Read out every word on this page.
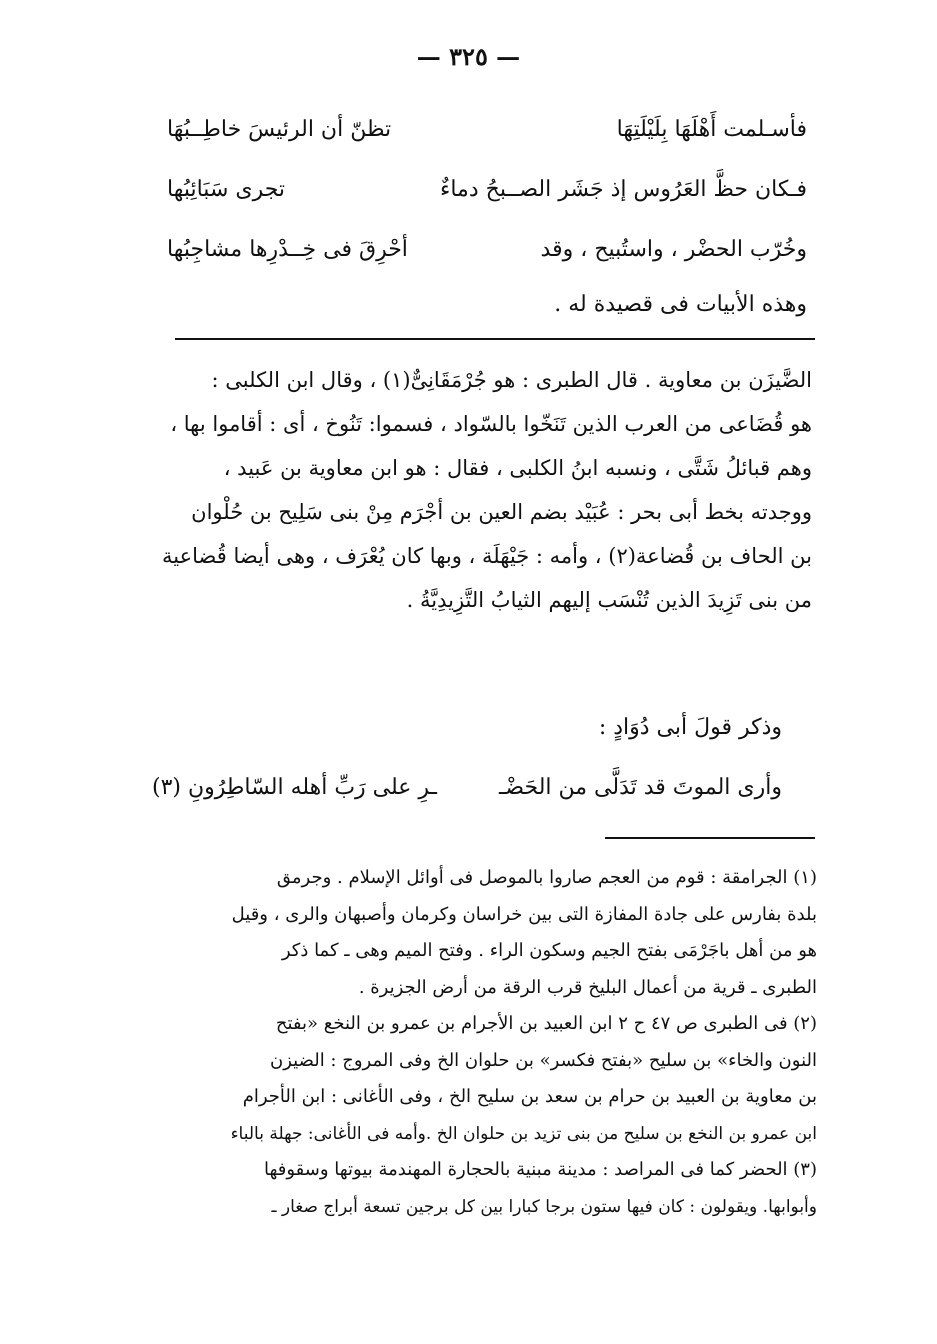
— ٣٢٥ —
فأسـلمت أَهْلَهَا بِلَيْلَتِهَا
تظنّ أن الرئيسَ خاطِــبُهَا
فـكان حظَّ العَرُوس إذ جَشَر الصــبحُ دماءٌ
تجرى سَبَائِبُها
وخُرّب الحضْر ، واستُبيح ، وقد
أحْرِقَ فى خِــدْرِها مشاجِبُها
وهذه الأبيات فى قصيدة له .
الضَّيزَن بن معاوية . قال الطبرى : هو جُرْمَقَانِىٌّ(١) ، وقال ابن الكلبى :
هو قُضَاعى من العرب الذين تَنَخّوا بالسّواد ، فسموا: تَنُوخ ، أى : أقاموا بها ،
وهم قبائلُ شَتَّى ، ونسبه ابنُ الكلبى ، فقال : هو ابن معاوية بن عَبيد ،
ووجدته بخط أبى بحر : عُبَيْد بضم العين بن أجْرَم مِنْ بنى سَلِيح بن حُلْوان
بن الحاف بن قُضاعة(٢) ، وأمه : جَيْهَلَة ، وبها كان يُعْرَف ، وهى أيضا قُضاعية
من بنى تَزِيدَ الذين تُنْسَب إليهم الثيابُ التَّزِيدِيَّةُ .
وذكر قولَ أبى دُوَادٍ :
وأرى الموتَ قد تَدَلَّى من الحَضْـ
ـرِ على رَبِّ أهله السّاطِرُونِ (٣)
(١) الجرامقة : قوم من العجم صاروا بالموصل فى أوائل الإسلام . وجرمق
بلدة بفارس على جادة المفازة التى بين خراسان وكرمان وأصبهان والرى ، وقيل
هو من أهل باجَرْمَى بفتح الجيم وسكون الراء . وفتح الميم وهى ـ كما ذكر
الطبرى ـ قرية من أعمال البليخ قرب الرقة من أرض الجزيرة .
(٢) فى الطبرى ص ٤٧ ح ٢ ابن العبيد بن الأجرام بن عمرو بن النخع «بفتح
النون والخاء» بن سليح «بفتح فكسر» بن حلوان الخ وفى المروج : الضيزن
بن معاوية بن العبيد بن حرام بن سعد بن سليح الخ ، وفى الأغانى : ابن الأجرام
ابن عمرو بن النخع بن سليح من بنى تزيد بن حلوان الخ .وأمه فى الأغانى: جهلة بالباء
(٣) الحضر كما فى المراصد : مدينة مبنية بالحجارة المهندمة بيوتها وسقوفها
وأبوابها. ويقولون : كان فيها ستون برجا كبارا بين كل برجين تسعة أبراج صغار ـ
